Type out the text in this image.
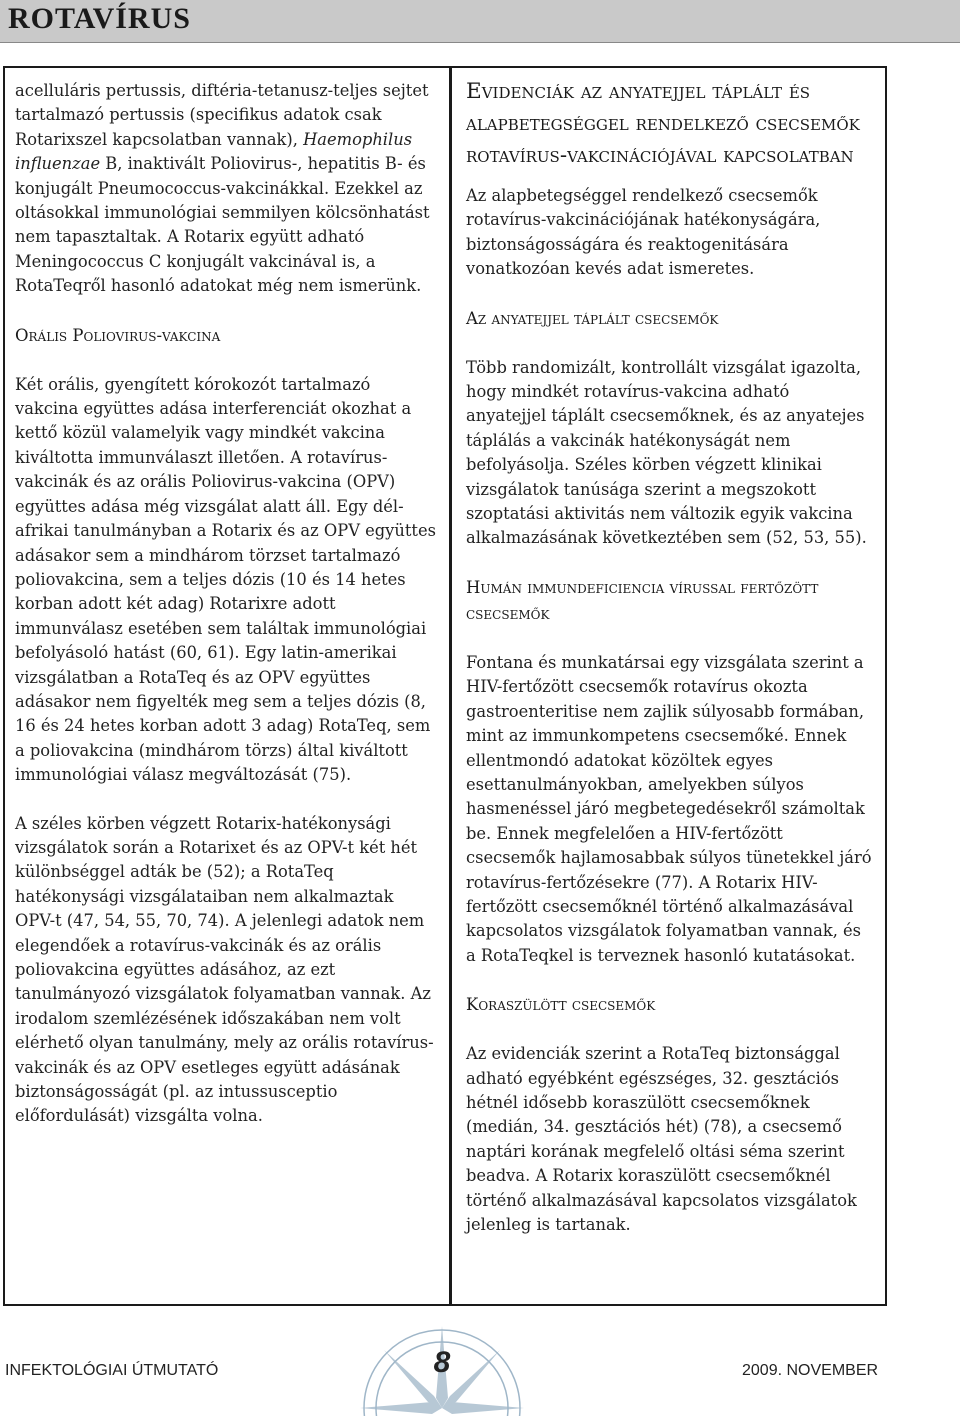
ROTAVÍRUS

acelluláris pertussis, diftéria-tetanusz-teljes sejtet tartalmazó pertussis (specifikus adatok csak Rotarixszel kapcsolatban vannak), Haemophilus influenzae B, inaktivált Poliovirus-, hepatitis B- és konjugált Pneumococcus-vakcinákkal. Ezekkel az oltásokkal immunológiai semmilyen kölcsönhatást nem tapasztaltak. A Rotarix együtt adható Meningococcus C konjugált vakcinával is, a RotaTeqről hasonló adatokat még nem ismerünk.

Orális Poliovirus-vakcina

Két orális, gyengített kórokozót tartalmazó vakcina együttes adása interferenciát okozhat a kettő közül valamelyik vagy mindkét vakcina kiváltotta immunválaszt illetően. A rotavírus-vakcinák és az orális Poliovirus-vakcina (OPV) együttes adása még vizsgálat alatt áll. Egy dél-afrikai tanulmányban a Rotarix és az OPV együttes adásakor sem a mindhárom törzset tartalmazó poliovakcina, sem a teljes dózis (10 és 14 hetes korban adott két adag) Rotarixre adott immunválasz esetében sem találtak immunológiai befolyásoló hatást (60, 61). Egy latin-amerikai vizsgálatban a RotaTeq és az OPV együttes adásakor nem figyelték meg sem a teljes dózis (8, 16 és 24 hetes korban adott 3 adag) RotaTeq, sem a poliovakcina (mindhárom törzs) által kiváltott immunológiai válasz megváltozását (75).

A széles körben végzett Rotarix-hatékonysági vizsgálatok során a Rotarixet és az OPV-t két hét különbséggel adták be (52); a RotaTeq hatékonysági vizsgálataiban nem alkalmaztak OPV-t (47, 54, 55, 70, 74). A jelenlegi adatok nem elegendőek a rotavírus-vakcinák és az orális poliovakcina együttes adásához, az ezt tanulmányozó vizsgálatok folyamatban vannak. Az irodalom szemlézésének időszakában nem volt elérhető olyan tanulmány, mely az orális rotavírus-vakcinák és az OPV esetleges együtt adásának biztonságosságát (pl. az intussusceptio előfordulását) vizsgálta volna.

Evidenciák az anyatejjel táplált és alapbetegséggel rendelkező csecsemők rotavírus-vakcinációjával kapcsolatban

Az alapbetegséggel rendelkező csecsemők rotavírus-vakcinációjának hatékonyságára, biztonságosságára és reaktogenitására vonatkozóan kevés adat ismeretes.

Az anyatejjel táplált csecsemők

Több randomizált, kontrollált vizsgálat igazolta, hogy mindkét rotavírus-vakcina adható anyatejjel táplált csecsemőknek, és az anyatejes táplálás a vakcinák hatékonyságát nem befolyásolja. Széles körben végzett klinikai vizsgálatok tanúsága szerint a megszokott szoptatási aktivitás nem változik egyik vakcina alkalmazásának következtében sem (52, 53, 55).

Humán immundeficiencia vírussal fertőzött csecsemők

Fontana és munkatársai egy vizsgálata szerint a HIV-fertőzött csecsemők rotavírus okozta gastroenteritise nem zajlik súlyosabb formában, mint az immunkompetens csecsemőké. Ennek ellentmondó adatokat közöltek egyes esettanulmányokban, amelyekben súlyos hasmenéssel járó megbetegedésekről számoltak be. Ennek megfelelően a HIV-fertőzött csecsemők hajlamosabbak súlyos tünetekkel járó rotavírus-fertőzésekre (77). A Rotarix HIV-fertőzött csecsemőknél történő alkalmazásával kapcsolatos vizsgálatok folyamatban vannak, és a RotaTeqkel is terveznek hasonló kutatásokat.

Koraszülött csecsemők

Az evidenciák szerint a RotaTeq biztonsággal adható egyébként egészséges, 32. gesztációs hétnél idősebb koraszülött csecsemőknek (medián, 34. gesztációs hét) (78), a csecsemő naptári korának megfelelő oltási séma szerint beadva. A Rotarix koraszülött csecsemőknél történő alkalmazásával kapcsolatos vizsgálatok jelenleg is tartanak.

INFEKTOLÓGIAI ÚTMUTATÓ	8	2009. NOVEMBER
